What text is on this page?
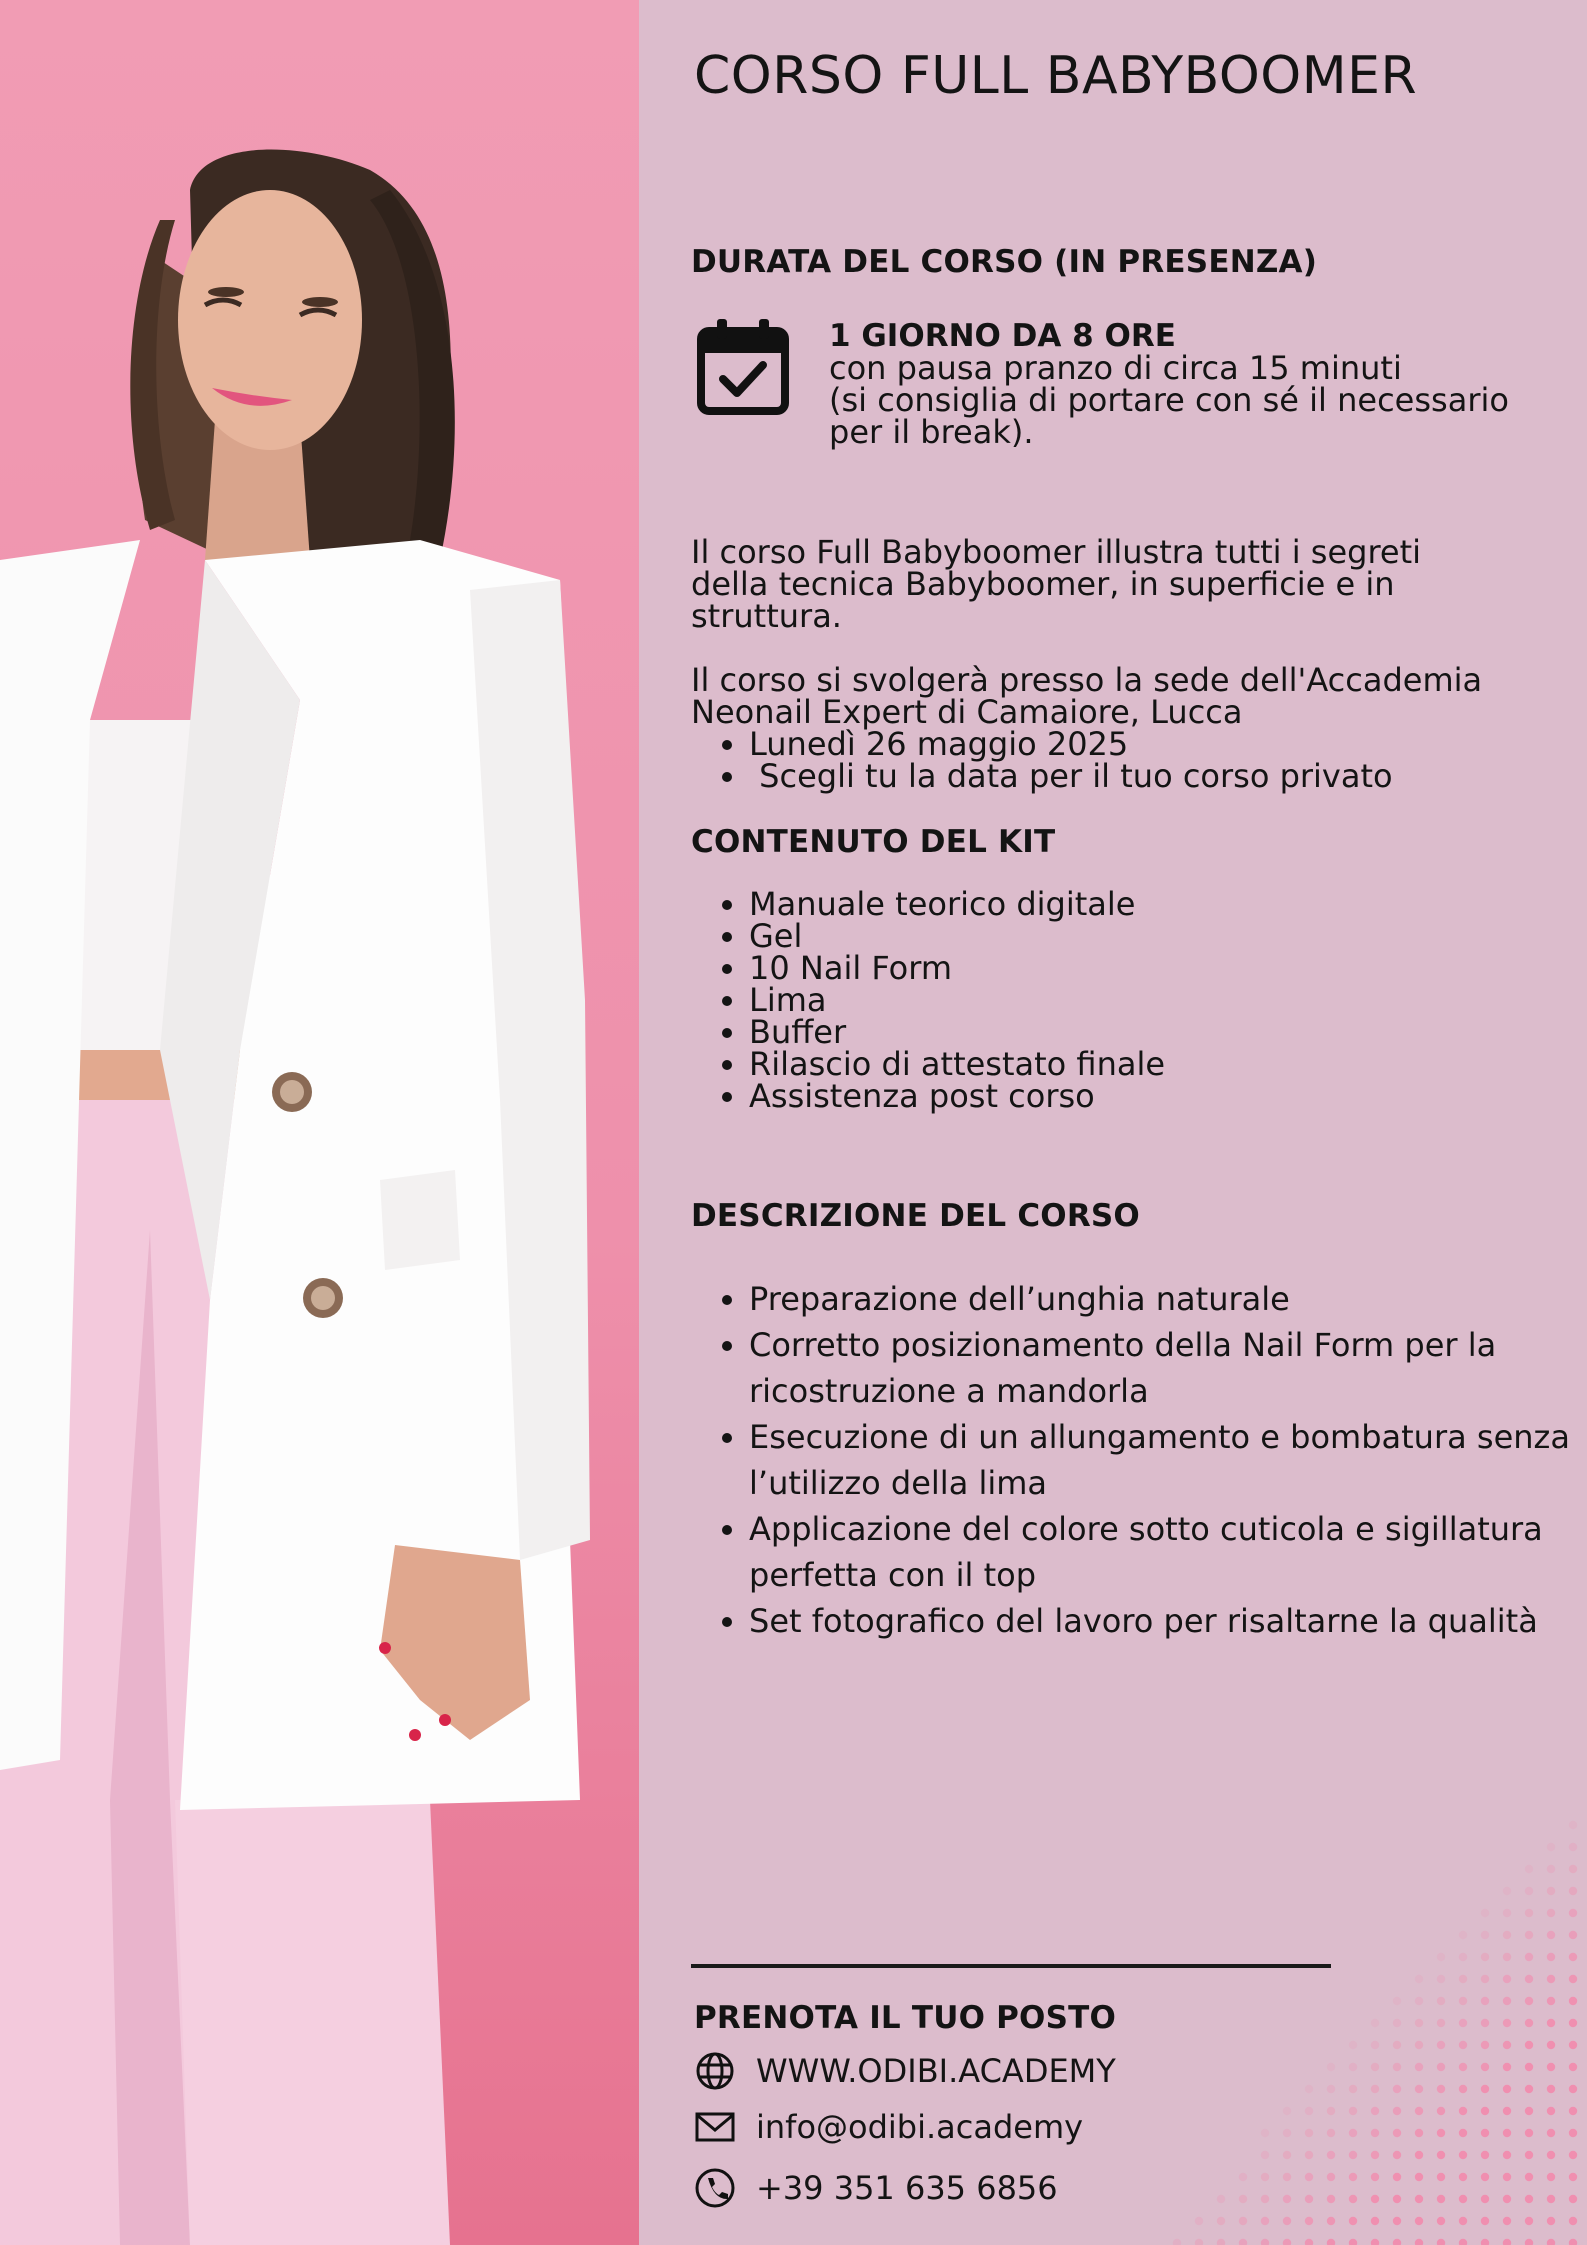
CORSO FULL BABYBOOMER
DURATA DEL CORSO (IN PRESENZA)

1 GIORNO DA 8 ORE

con pausa pranzo di circa 15 minuti

(si consiglia di portare con sé il necessario

per il break).

Il corso Full Babyboomer illustra tutti i segreti

della tecnica Babyboomer, in superficie e in

struttura.

Il corso si svolgerà presso la sede dell'Accademia

Neonail Expert di Camaiore, Lucca

• Lunedì 26 maggio 2025
•  Scegli tu la data per il tuo corso privato
CONTENUTO DEL KIT
• Manuale teorico digitale
• Gel
• 10 Nail Form
• Lima
• Buffer
• Rilascio di attestato finale
• Assistenza post corso
DESCRIZIONE DEL CORSO
• Preparazione dell’unghia naturale
• Corretto posizionamento della Nail Form per la ricostruzione a mandorla
• Esecuzione di un allungamento e bombatura senza l’utilizzo della lima
• Applicazione del colore sotto cuticola e sigillatura perfetta con il top
• Set fotografico del lavoro per risaltarne la qualità
PRENOTA IL TUO POSTO
WWW.ODIBI.ACADEMY
info@odibi.academy
+39 351 635 6856
